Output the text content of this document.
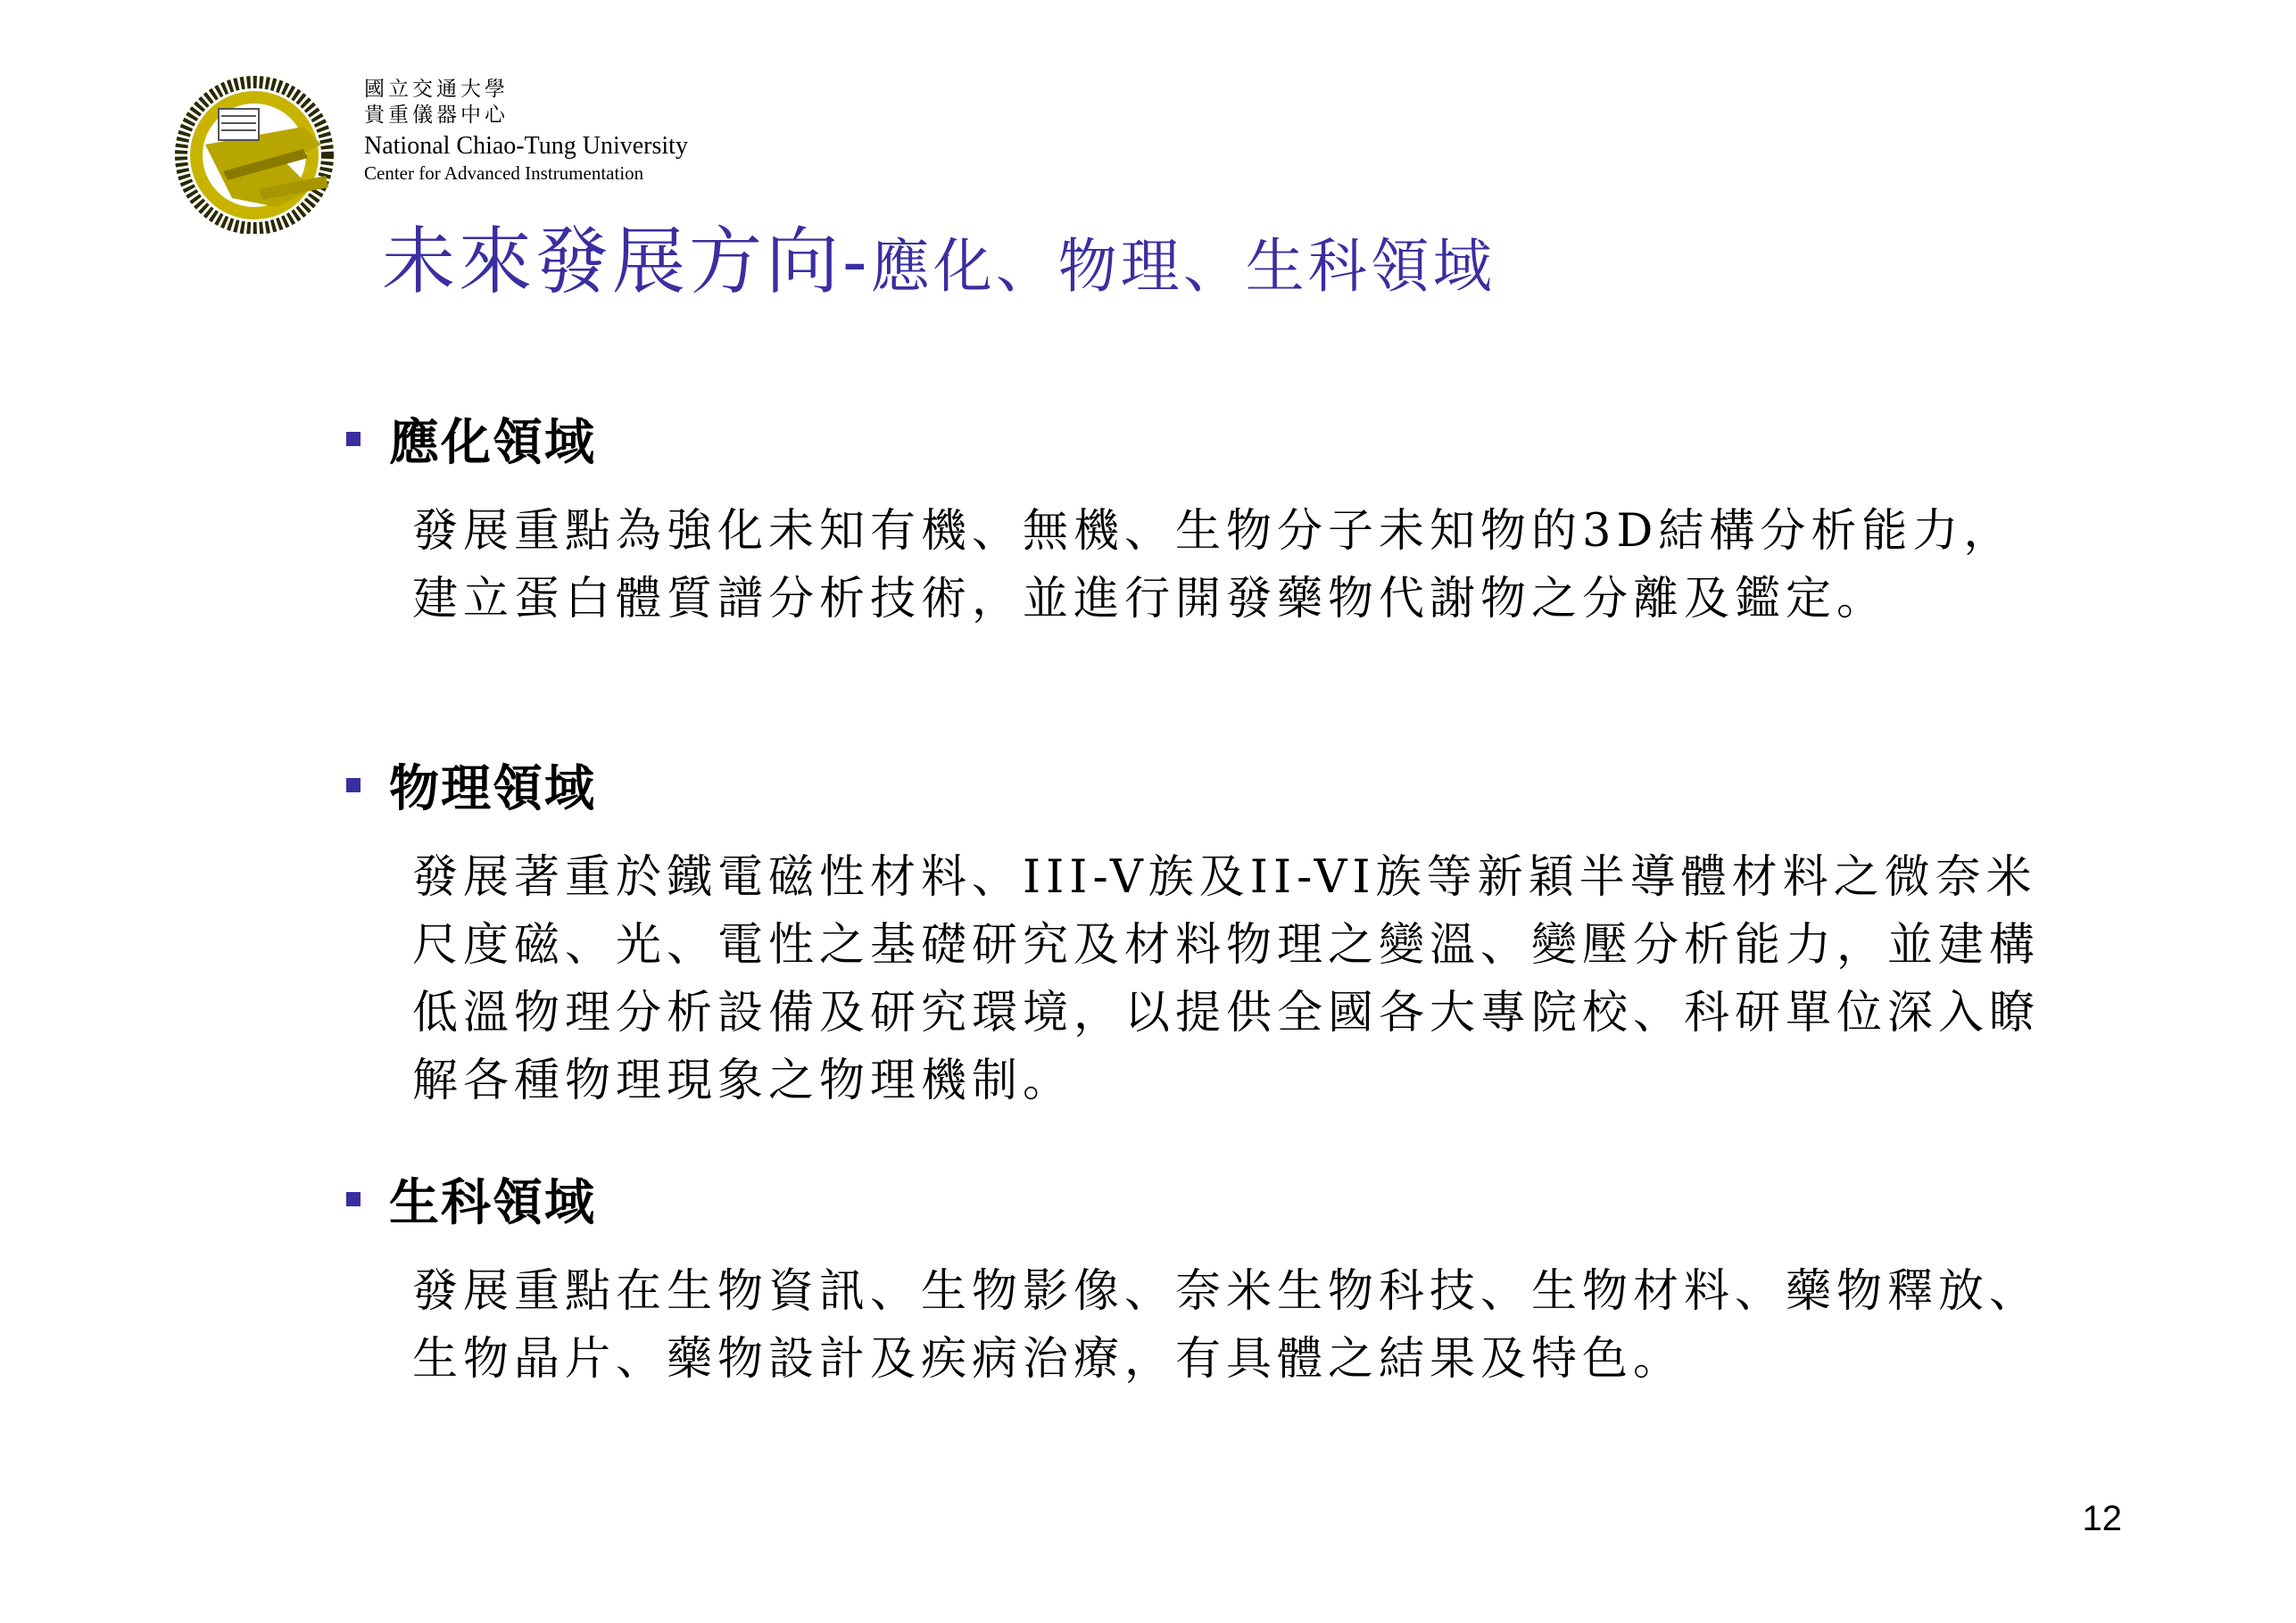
國立交通大學
貴重儀器中心
National Chiao-Tung University
Center for Advanced Instrumentation
未來發展方向-應化、物理、生科領域
應化領域
發展重點為強化未知有機、無機、生物分子未知物的3D結構分析能力，建立蛋白體質譜分析技術，並進行開發藥物代謝物之分離及鑑定。
物理領域
發展著重於鐵電磁性材料、III-V族及II-VI族等新穎半導體材料之微奈米尺度磁、光、電性之基礎研究及材料物理之變溫、變壓分析能力，並建構低溫物理分析設備及研究環境，以提供全國各大專院校、科研單位深入瞭解各種物理現象之物理機制。
生科領域
發展重點在生物資訊、生物影像、奈米生物科技、生物材料、藥物釋放、生物晶片、藥物設計及疾病治療，有具體之結果及特色。
12
